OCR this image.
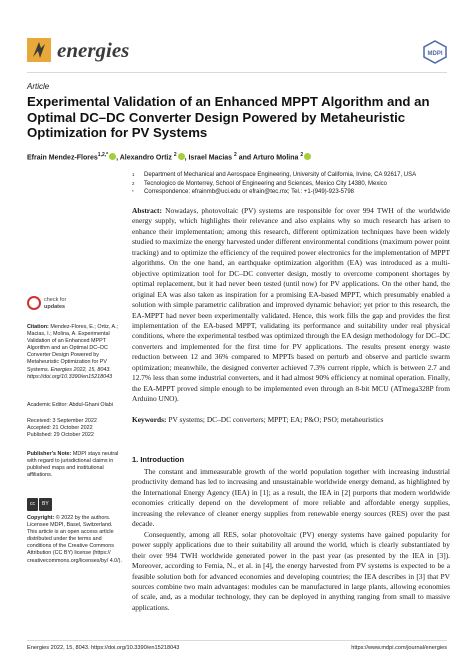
energies	MDPI
Article
Experimental Validation of an Enhanced MPPT Algorithm and an Optimal DC–DC Converter Design Powered by Metaheuristic Optimization for PV Systems
Efrain Mendez-Flores$^{1,2,*}$ , Alexandro Ortiz $^2$ , Israel Macias $^2$ and Arturo Molina $^2$
1	Department of Mechanical and Aerospace Engineering, University of California, Irvine, CA 92617, USA
2	Tecnologico de Monterrey, School of Engineering and Sciences, Mexico City 14380, Mexico
*	Correspondence: efrainmb@uci.edu or efrain@tec.mx; Tel.: +1-(949)-923-5798
Abstract: Nowadays, photovoltaic (PV) systems are responsible for over 994 TWH of the worldwide energy supply, which highlights their relevance and also explains why so much research has arisen to enhance their implementation; among this research, different optimization techniques have been widely studied to maximize the energy harvested under different environmental conditions (maximum power point tracking) and to optimize the efficiency of the required power electronics for the implementation of MPPT algorithms. On the one hand, an earthquake optimization algorithm (EA) was introduced as a multi-objective optimization tool for DC–DC converter design, mostly to overcome component shortages by optimal replacement, but it had never been tested (until now) for PV applications. On the other hand, the original EA was also taken as inspiration for a promising EA-based MPPT, which presumably enabled a solution with simple parametric calibration and improved dynamic behavior; yet prior to this research, the EA-MPPT had never been experimentally validated. Hence, this work fills the gap and provides the first implementation of the EA-based MPPT, validating its performance and suitability under real physical conditions, where the experimental testbed was optimized through the EA design methodology for DC–DC converters and implemented for the first time for PV applications. The results present energy waste reduction between 12 and 36% compared to MPPTs based on perturb and observe and particle swarm optimization; meanwhile, the designed converter achieved 7.3% current ripple, which is between 2.7 and 12.7% less than some industrial converters, and it had almost 90% efficiency at nominal operation. Finally, the EA-MPPT proved simple enough to be implemented even through an 8-bit MCU (ATmega328P from Arduino UNO).
Keywords: PV systems; DC–DC converters; MPPT; EA; P&O; PSO; metaheuristics
check for
updates
Citation: Mendez-Flores, E.; Ortiz, A.; Macias, I.; Molina, A. Experimental Validation of an Enhanced MPPT Algorithm and an Optimal DC–DC Converter Design Powered by Metaheuristic Optimization for PV Systems. Energies 2022, 15, 8043. https://doi.org/10.3390/en15218043
Academic Editor: Abdul-Ghani Olabi
Received: 3 September 2022
Accepted: 21 October 2022
Published: 29 October 2022
Publisher’s Note: MDPI stays neutral with regard to jurisdictional claims in published maps and institutional affiliations.
cc	BY
Copyright: © 2022 by the authors. Licensee MDPI, Basel, Switzerland. This article is an open access article distributed under the terms and conditions of the Creative Commons Attribution (CC BY) license (https:// creativecommons.org/licenses/by/ 4.0/).
1. Introduction

The constant and immeasurable growth of the world population together with increasing industrial productivity demand has led to increasing and unsustainable worldwide energy demand, as highlighted by the International Energy Agency (IEA) in [1]; as a result, the IEA in [2] purports that modern worldwide economies critically depend on the development of more reliable and affordable energy supplies, increasing the relevance of cleaner energy supplies from renewable energy sources (RES) over the past decade.

Consequently, among all RES, solar photovoltaic (PV) energy systems have gained popularity for power supply applications due to their suitability all around the world, which is clearly substantiated by their over 994 TWH worldwide generated power in the past year (as presented by the IEA in [3]). Moreover, according to Femia, N., et al. in [4], the energy harvested from PV systems is expected to be a feasible solution both for advanced economies and developing countries; the IEA describes in [3] that PV sources combine two main advantages: modules can be manufactured in large plants, allowing economies of scale, and, as a modular technology, they can be deployed in anything ranging from small to massive applications.

Energies 2022, 15, 8043. https://doi.org/10.3390/en15218043	https://www.mdpi.com/journal/energies
